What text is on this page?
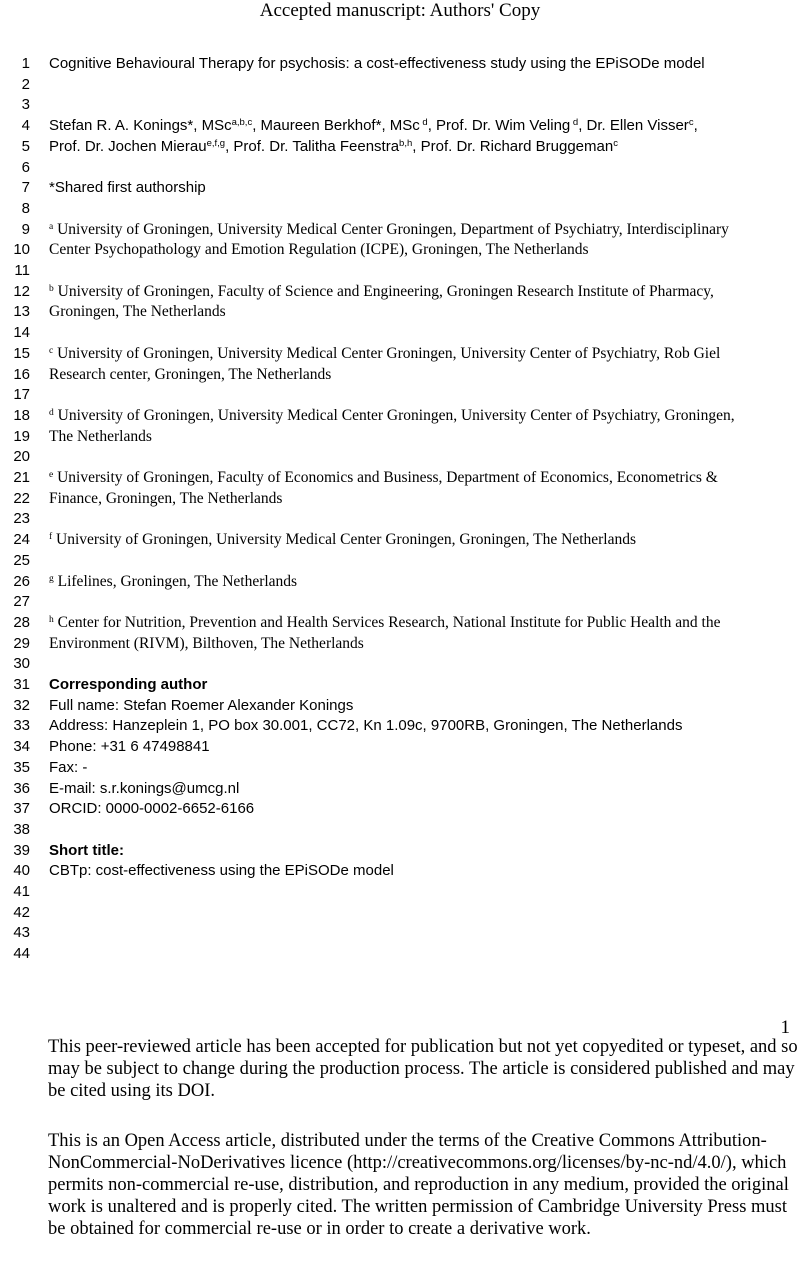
Accepted manuscript: Authors' Copy
1 Cognitive Behavioural Therapy for psychosis: a cost-effectiveness study using the EPiSODe model
2
3
4 Stefan R. A. Konings*, MSc$^{a,b,c}$, Maureen Berkhof*, MSc $^d$, Prof. Dr. Wim Veling $^d$, Dr. Ellen Visser$^c$,
5 Prof. Dr. Jochen Mierau$^{e,f,g}$, Prof. Dr. Talitha Feenstra$^{b,h}$, Prof. Dr. Richard Bruggeman$^c$
6
7 *Shared first authorship
8
9 $^a$ University of Groningen, University Medical Center Groningen, Department of Psychiatry, Interdisciplinary
10 Center Psychopathology and Emotion Regulation (ICPE), Groningen, The Netherlands
11
12 $^b$ University of Groningen, Faculty of Science and Engineering, Groningen Research Institute of Pharmacy,
13 Groningen, The Netherlands
14
15 $^c$ University of Groningen, University Medical Center Groningen, University Center of Psychiatry, Rob Giel
16 Research center, Groningen, The Netherlands
17
18 $^d$ University of Groningen, University Medical Center Groningen, University Center of Psychiatry, Groningen,
19 The Netherlands
20
21 $^e$ University of Groningen, Faculty of Economics and Business, Department of Economics, Econometrics &
22 Finance, Groningen, The Netherlands
23
24 $^f$ University of Groningen, University Medical Center Groningen, Groningen, The Netherlands
25
26 $^g$ Lifelines, Groningen, The Netherlands
27
28 $^h$ Center for Nutrition, Prevention and Health Services Research, National Institute for Public Health and the
29 Environment (RIVM), Bilthoven, The Netherlands
30
31 Corresponding author
32 Full name: Stefan Roemer Alexander Konings
33 Address: Hanzeplein 1, PO box 30.001, CC72, Kn 1.09c, 9700RB, Groningen, The Netherlands
34 Phone: +31 6 47498841
35 Fax: -
36 E-mail: s.r.konings@umcg.nl
37 ORCID: 0000-0002-6652-6166
38
39 Short title:
40 CBTp: cost-effectiveness using the EPiSODe model
41
42
43
44
1

This peer-reviewed article has been accepted for publication but not yet copyedited or typeset, and so may be subject to change during the production process. The article is considered published and may be cited using its DOI.

This is an Open Access article, distributed under the terms of the Creative Commons Attribution-NonCommercial-NoDerivatives licence (http://creativecommons.org/licenses/by-nc-nd/4.0/), which permits non-commercial re-use, distribution, and reproduction in any medium, provided the original work is unaltered and is properly cited. The written permission of Cambridge University Press must be obtained for commercial re-use or in order to create a derivative work.
